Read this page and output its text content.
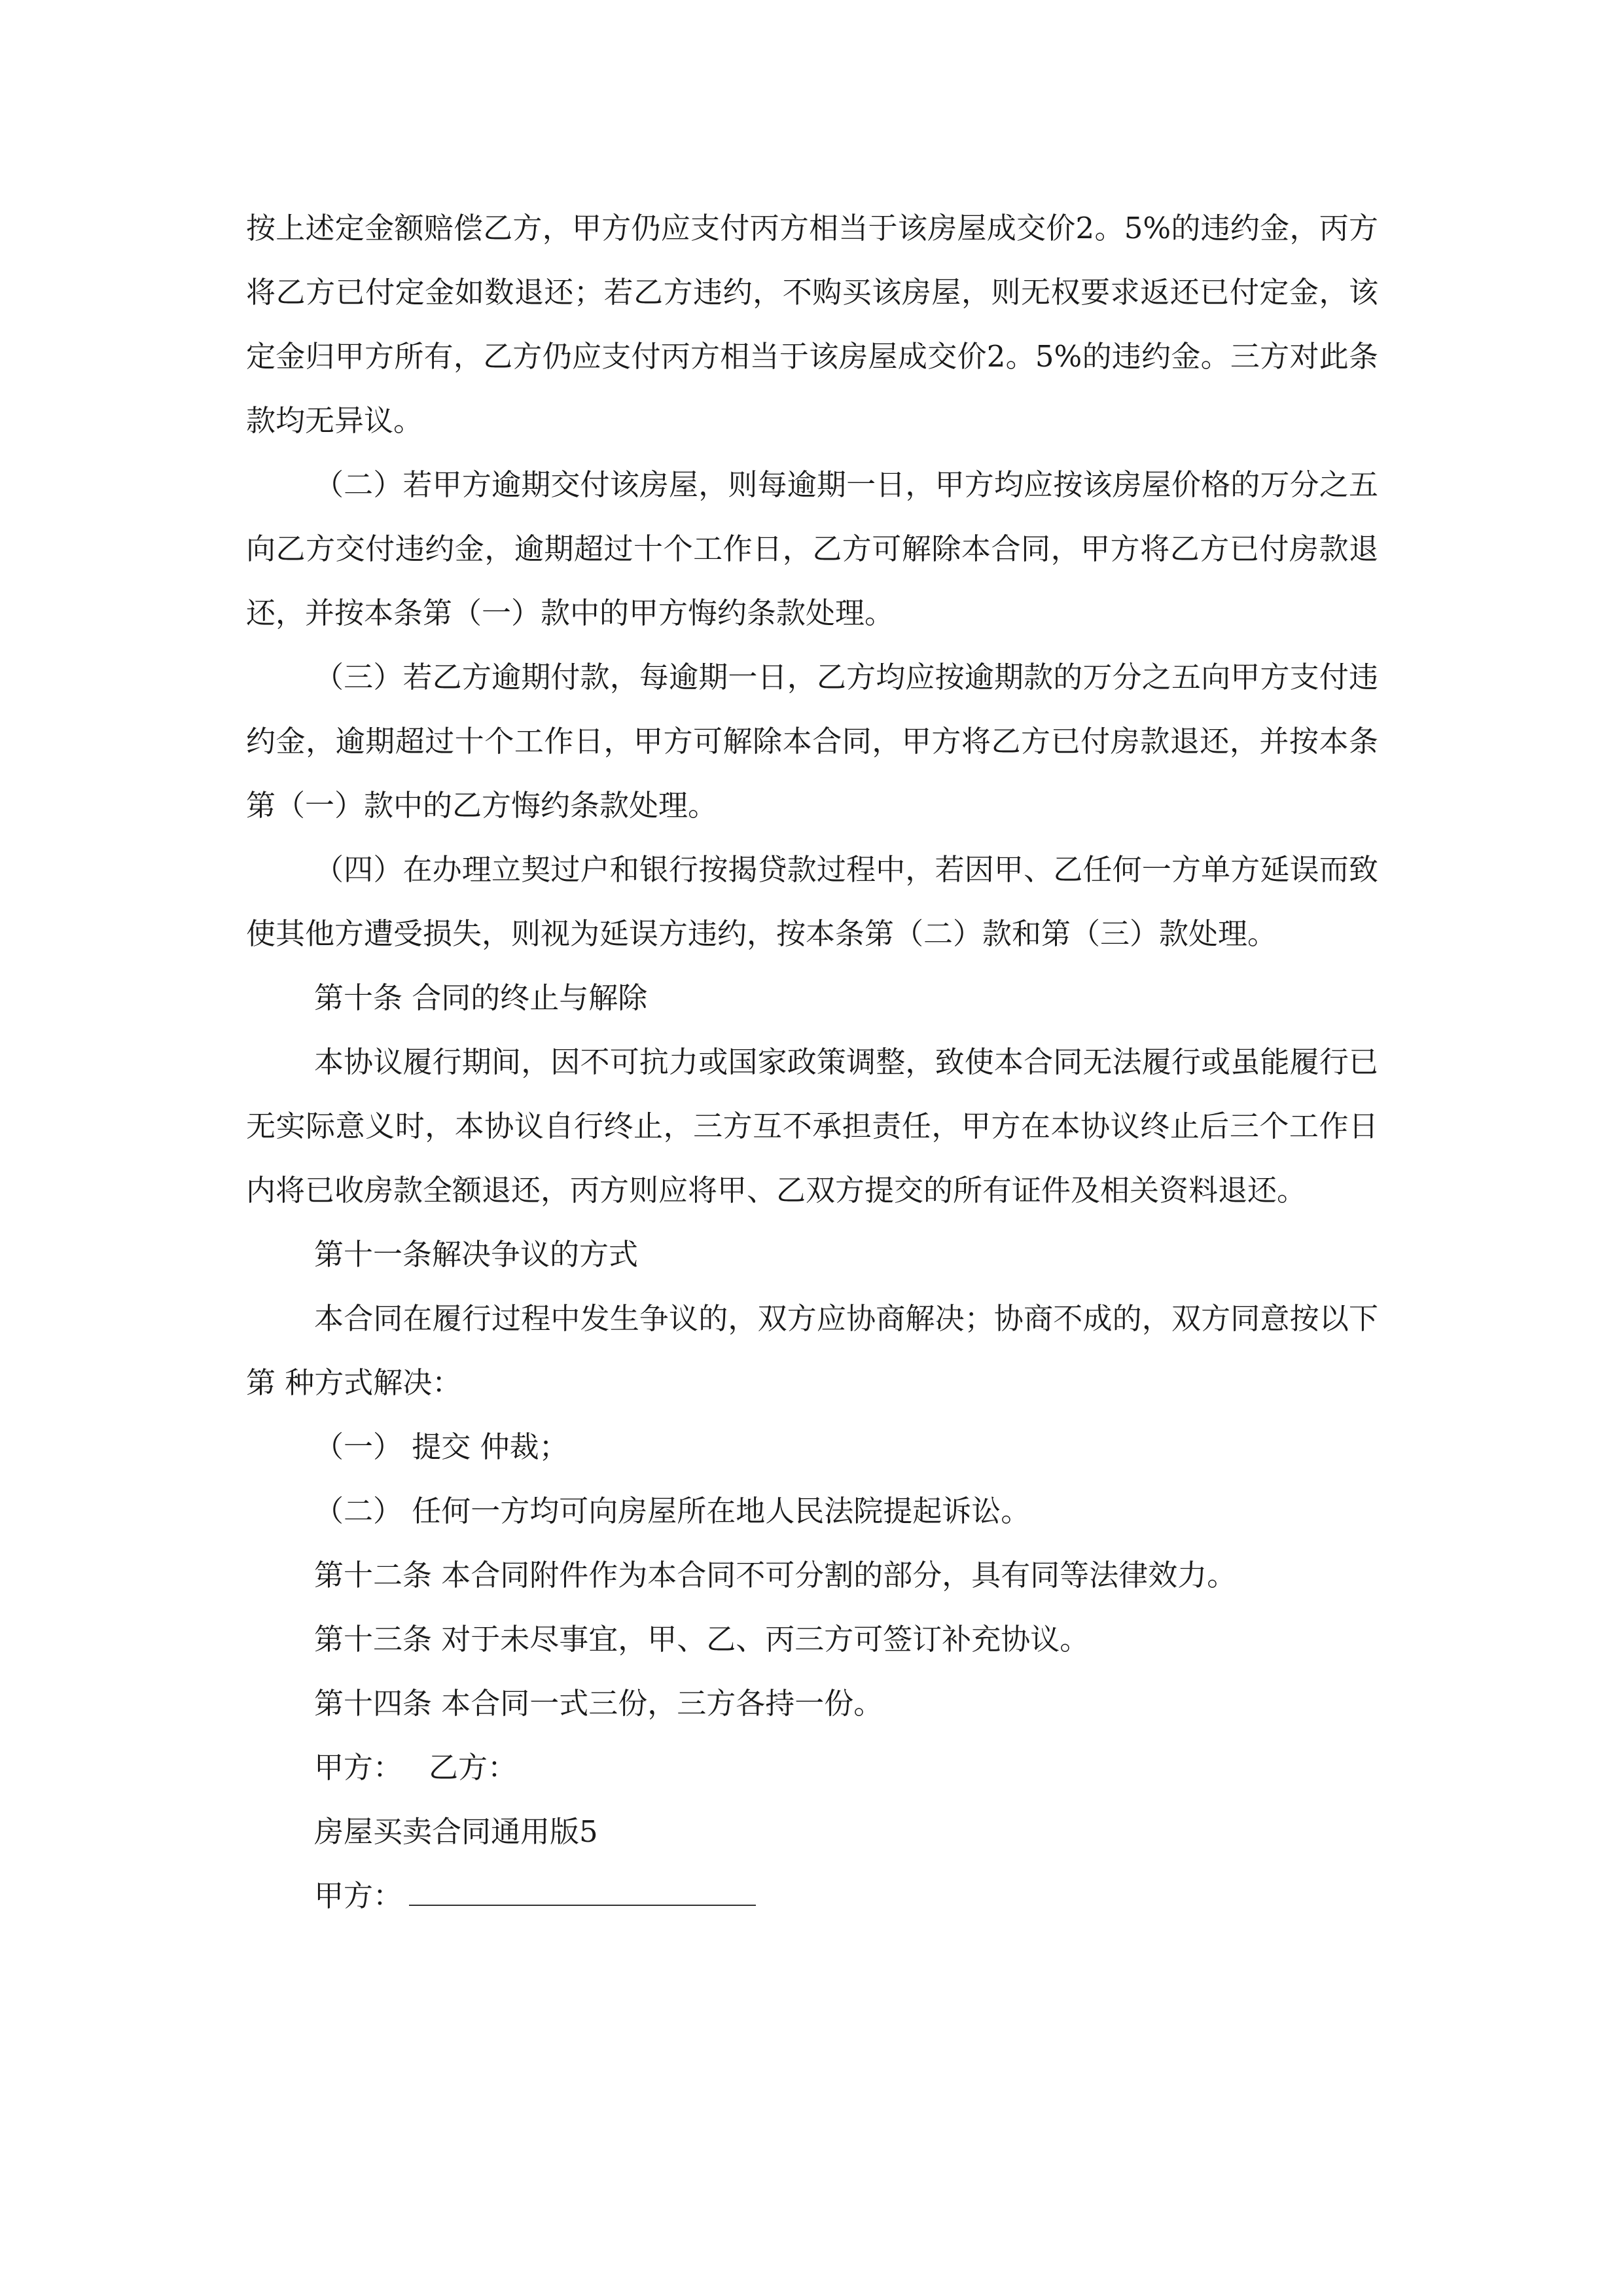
按上述定金额赔偿乙方，甲方仍应支付丙方相当于该房屋成交价2。5%的违约金，丙方将乙方已付定金如数退还；若乙方违约，不购买该房屋，则无权要求返还已付定金，该定金归甲方所有，乙方仍应支付丙方相当于该房屋成交价2。5%的违约金。三方对此条款均无异议。

（二）若甲方逾期交付该房屋，则每逾期一日，甲方均应按该房屋价格的万分之五向乙方交付违约金，逾期超过十个工作日，乙方可解除本合同，甲方将乙方已付房款退还，并按本条第（一）款中的甲方悔约条款处理。

（三）若乙方逾期付款，每逾期一日，乙方均应按逾期款的万分之五向甲方支付违约金，逾期超过十个工作日，甲方可解除本合同，甲方将乙方已付房款退还，并按本条第（一）款中的乙方悔约条款处理。

（四）在办理立契过户和银行按揭贷款过程中，若因甲、乙任何一方单方延误而致使其他方遭受损失，则视为延误方违约，按本条第（二）款和第（三）款处理。

第十条 合同的终止与解除

本协议履行期间，因不可抗力或国家政策调整，致使本合同无法履行或虽能履行已无实际意义时，本协议自行终止，三方互不承担责任，甲方在本协议终止后三个工作日内将已收房款全额退还，丙方则应将甲、乙双方提交的所有证件及相关资料退还。

第十一条解决争议的方式

本合同在履行过程中发生争议的，双方应协商解决；协商不成的，双方同意按以下第 种方式解决：

（一） 提交 仲裁；

（二） 任何一方均可向房屋所在地人民法院提起诉讼。

第十二条 本合同附件作为本合同不可分割的部分，具有同等法律效力。

第十三条 对于未尽事宜，甲、乙、丙三方可签订补充协议。

第十四条 本合同一式三份，三方各持一份。

甲方： 乙方：

房屋买卖合同通用版5

甲方：
